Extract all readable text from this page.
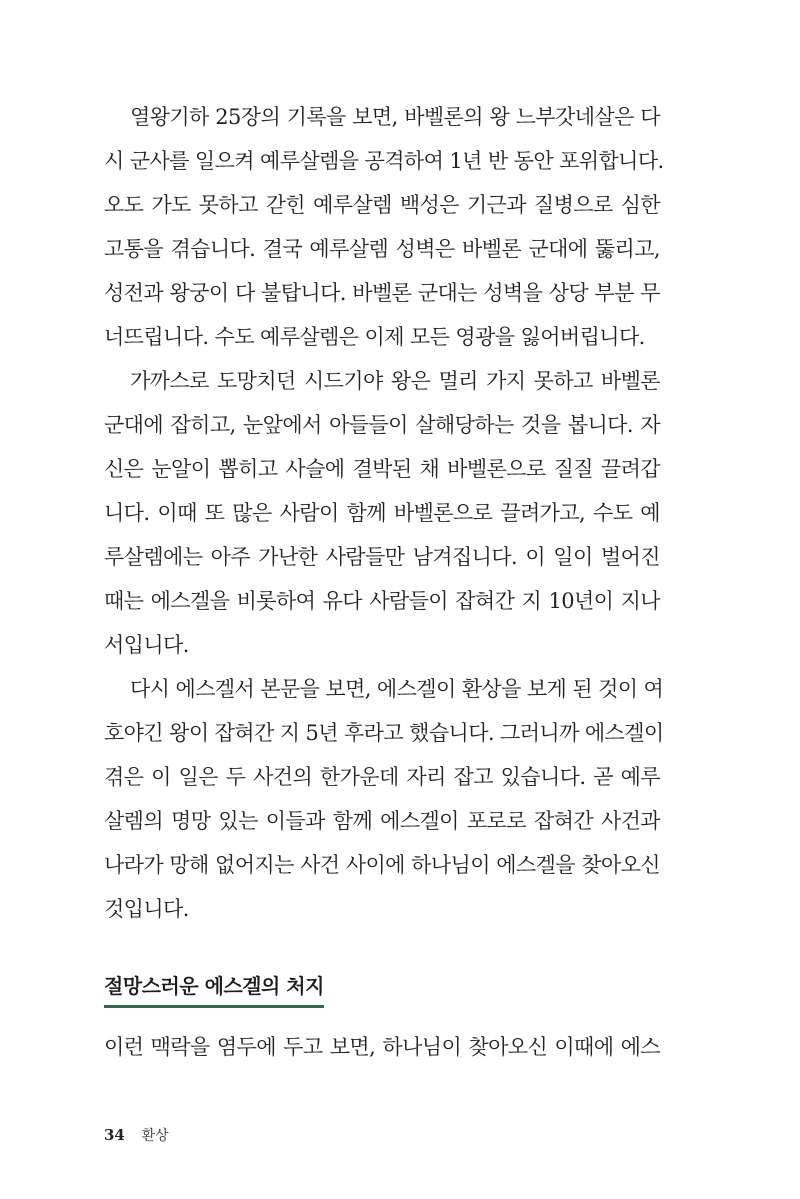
열왕기하 25장의 기록을 보면, 바벨론의 왕 느부갓네살은 다
시 군사를 일으켜 예루살렘을 공격하여 1년 반 동안 포위합니다.
오도 가도 못하고 갇힌 예루살렘 백성은 기근과 질병으로 심한
고통을 겪습니다. 결국 예루살렘 성벽은 바벨론 군대에 뚫리고,
성전과 왕궁이 다 불탑니다. 바벨론 군대는 성벽을 상당 부분 무
너뜨립니다. 수도 예루살렘은 이제 모든 영광을 잃어버립니다.
가까스로 도망치던 시드기야 왕은 멀리 가지 못하고 바벨론
군대에 잡히고, 눈앞에서 아들들이 살해당하는 것을 봅니다. 자
신은 눈알이 뽑히고 사슬에 결박된 채 바벨론으로 질질 끌려갑
니다. 이때 또 많은 사람이 함께 바벨론으로 끌려가고, 수도 예
루살렘에는 아주 가난한 사람들만 남겨집니다. 이 일이 벌어진
때는 에스겔을 비롯하여 유다 사람들이 잡혀간 지 10년이 지나
서입니다.
다시 에스겔서 본문을 보면, 에스겔이 환상을 보게 된 것이 여
호야긴 왕이 잡혀간 지 5년 후라고 했습니다. 그러니까 에스겔이
겪은 이 일은 두 사건의 한가운데 자리 잡고 있습니다. 곧 예루
살렘의 명망 있는 이들과 함께 에스겔이 포로로 잡혀간 사건과
나라가 망해 없어지는 사건 사이에 하나님이 에스겔을 찾아오신
것입니다.
절망스러운 에스겔의 처지
이런 맥락을 염두에 두고 보면, 하나님이 찾아오신 이때에 에스
34 환상
